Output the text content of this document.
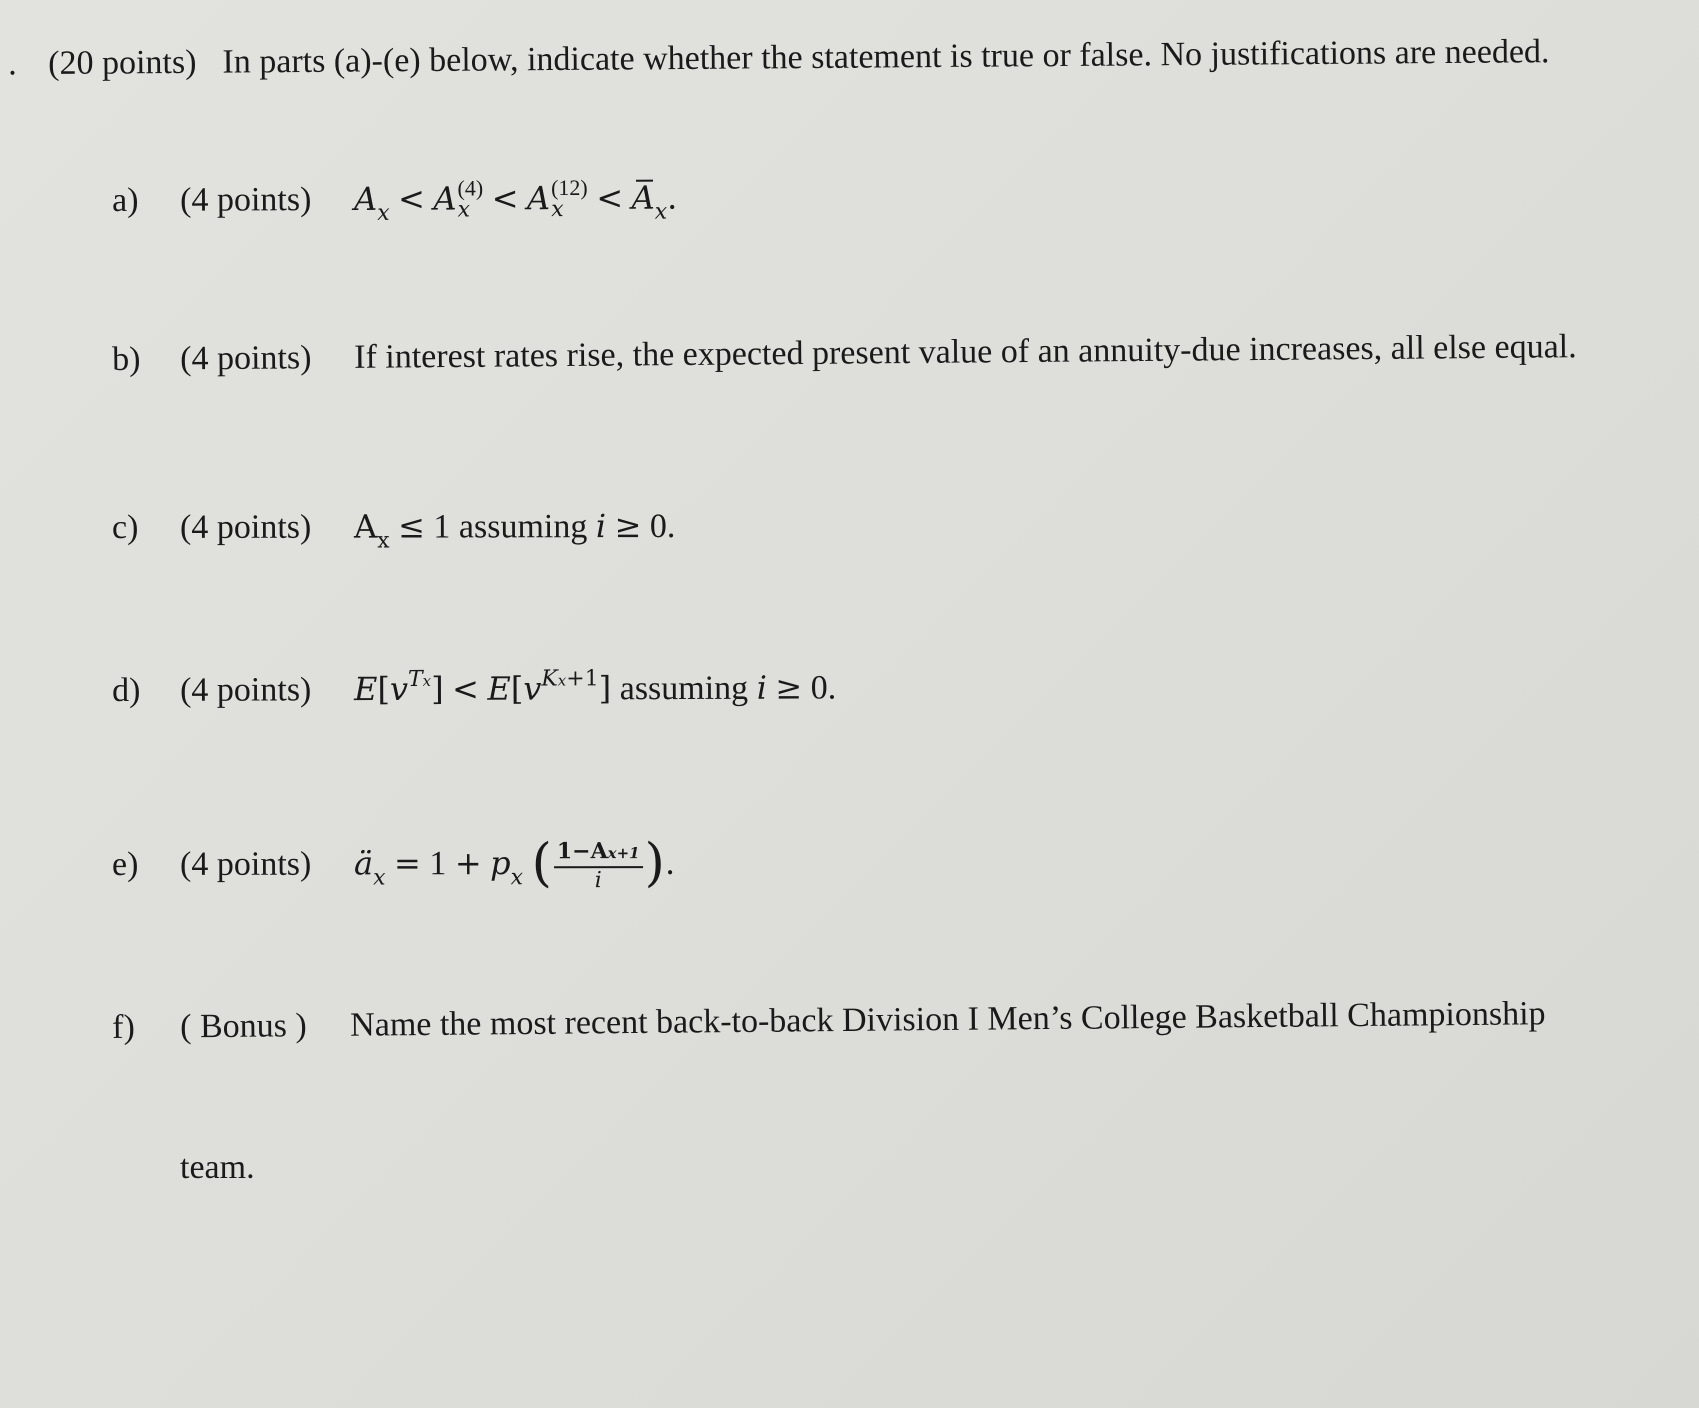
. (20 points) In parts (a)-(e) below, indicate whether the statement is true or false. No justifications are needed.
a) (4 points) $A_x < A$ (4)
x < A (12)
x	< $A_x$.
b) (4 points) If interest rates rise, the expected present value of an annuity-due increases, all else equal.
c) (4 points) $A_x \le 1$ assuming i ≥ 0.
d) (4 points) $E[v^{Tx}] < E[v^{Kx+1}]$ assuming i ≥ 0.
e) (4 points) $ä_x = 1 + p_x$ ( $\frac{1-Ax+1}{i}$ ).
f) ( Bonus ) Name the most recent back-to-back Division I Men’s College Basketball Championship
team.
